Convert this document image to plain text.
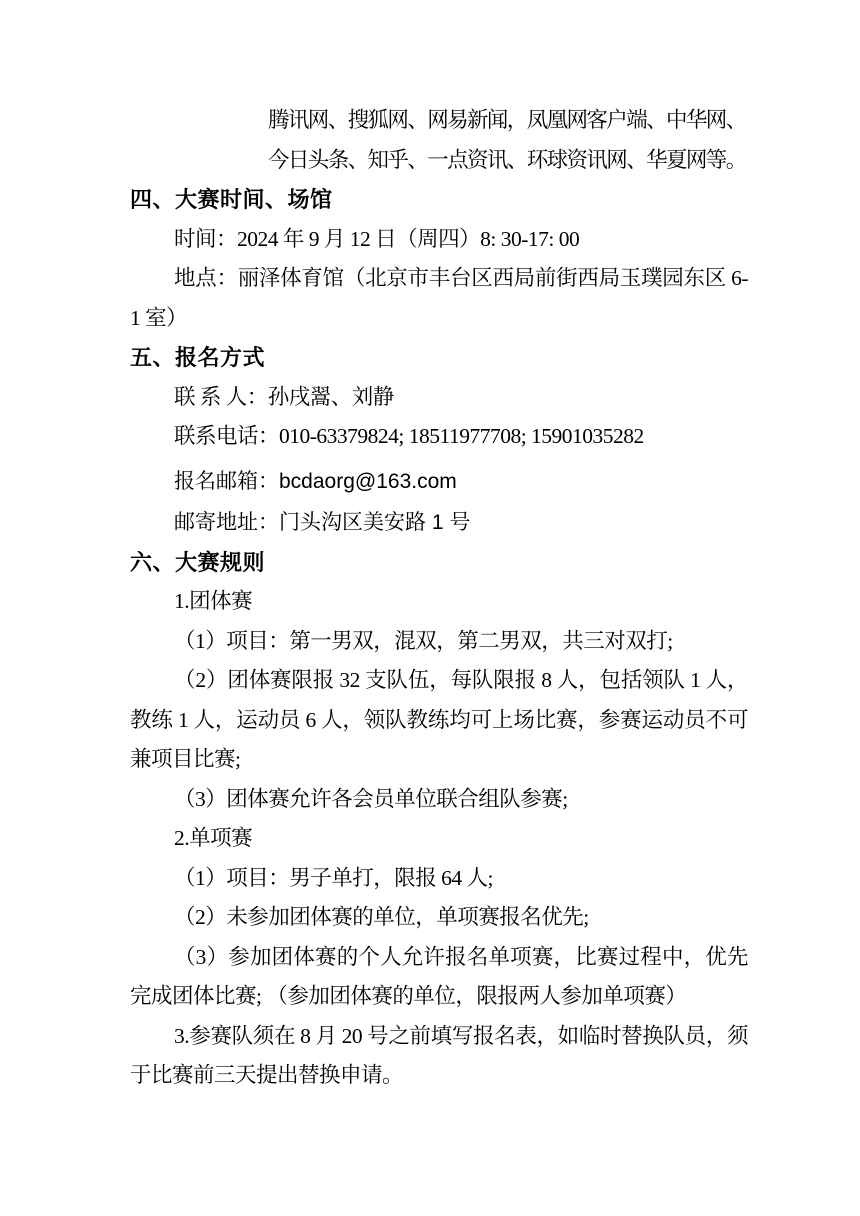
腾讯网、搜狐网、网易新闻，凤凰网客户端、中华网、
今日头条、知乎、一点资讯、环球资讯网、华夏网等。
四、大赛时间、场馆

时间：2024 年 9 月 12 日（周四）8: 30-17: 00

地点：丽泽体育馆（北京市丰台区西局前街西局玉璞园东区 6-1 室）

五、报名方式

联 系 人：孙戌翯、刘静

联系电话：010-63379824; 18511977708; 15901035282

报名邮箱：bcdaorg@163.com

邮寄地址：门头沟区美安路 1 号

六、大赛规则

1.团体赛

（1）项目：第一男双，混双，第二男双，共三对双打;

（2）团体赛限报 32 支队伍，每队限报 8 人，包括领队 1 人，教练 1 人，运动员 6 人，领队教练均可上场比赛，参赛运动员不可兼项目比赛;

（3）团体赛允许各会员单位联合组队参赛;

2.单项赛

（1）项目：男子单打，限报 64 人;

（2）未参加团体赛的单位，单项赛报名优先;

（3）参加团体赛的个人允许报名单项赛，比赛过程中，优先完成团体比赛; （参加团体赛的单位，限报两人参加单项赛）

3.参赛队须在 8 月 20 号之前填写报名表，如临时替换队员，须于比赛前三天提出替换申请。
